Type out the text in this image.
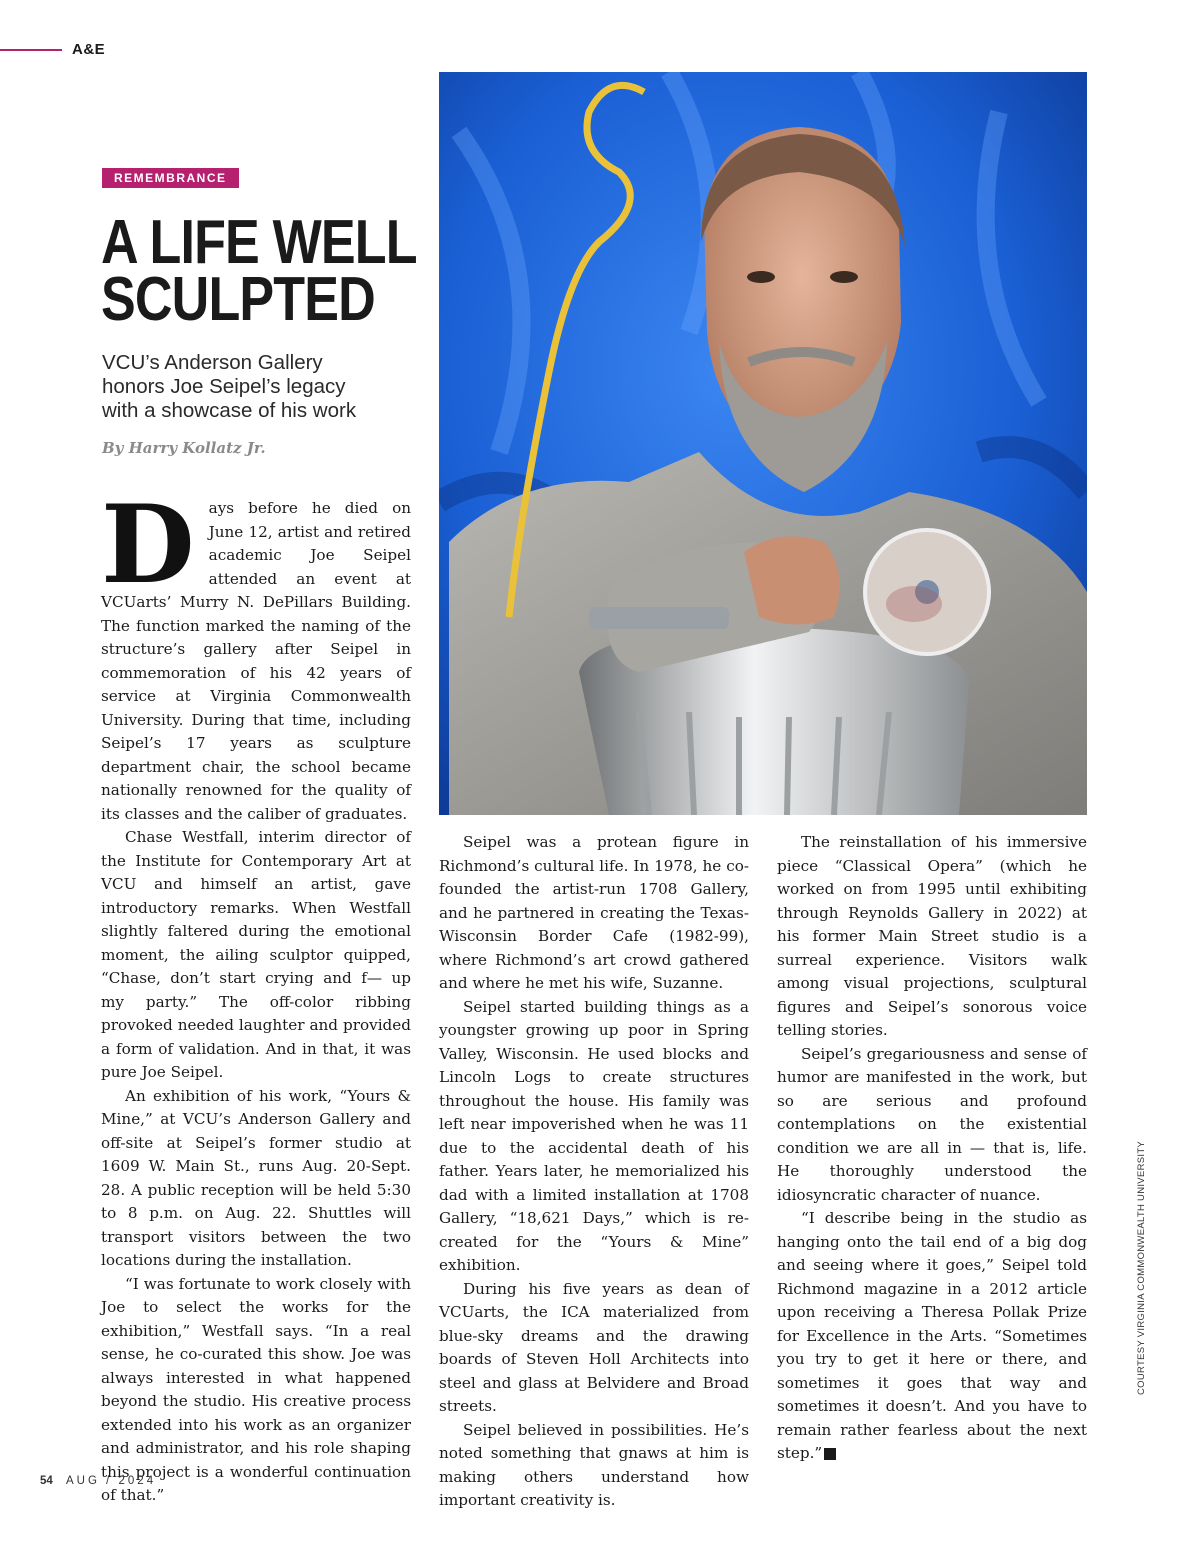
A&E
REMEMBRANCE
A LIFE WELL
SCULPTED

VCU’s Anderson Gallery
honors Joe Seipel’s legacy
with a showcase of his work

By Harry Kollatz Jr.

Days before he died on June 12, artist and retired academic Joe Seipel attended an event at VCUarts’ Murry N. DePillars Building. The function marked the naming of the structure’s gallery after Seipel in commemoration of his 42 years of service at Virginia Commonwealth University. During that time, including Seipel’s 17 years as sculpture department chair, the school became nationally renowned for the quality of its classes and the caliber of graduates.

Chase Westfall, interim director of the Institute for Contemporary Art at VCU and himself an artist, gave introductory remarks. When Westfall slightly faltered during the emotional moment, the ailing sculptor quipped, “Chase, don’t start crying and f— up my party.” The off-color ribbing provoked needed laughter and provided a form of validation. And in that, it was pure Joe Seipel.

An exhibition of his work, “Yours & Mine,” at VCU’s Anderson Gallery and off-site at Seipel’s former studio at 1609 W. Main St., runs Aug. 20-Sept. 28. A public reception will be held 5:30 to 8 p.m. on Aug. 22. Shuttles will transport visitors between the two locations during the installation.

“I was fortunate to work closely with Joe to select the works for the exhibition,” Westfall says. “In a real sense, he co-curated this show. Joe was always interested in what happened beyond the studio. His creative process extended into his work as an organizer and administrator, and his role shaping this project is a wonderful continuation of that.”

Seipel was a protean figure in Richmond’s cultural life. In 1978, he co-founded the artist-run 1708 Gallery, and he partnered in creating the Texas-Wisconsin Border Cafe (1982-99), where Richmond’s art crowd gathered and where he met his wife, Suzanne.

Seipel started building things as a youngster growing up poor in Spring Valley, Wisconsin. He used blocks and Lincoln Logs to create structures throughout the house. His family was left near impoverished when he was 11 due to the accidental death of his father. Years later, he memorialized his dad with a limited installation at 1708 Gallery, “18,621 Days,” which is re-created for the “Yours & Mine” exhibition.

During his five years as dean of VCUarts, the ICA materialized from blue-sky dreams and the drawing boards of Steven Holl Architects into steel and glass at Belvidere and Broad streets.

Seipel believed in possibilities. He’s noted something that gnaws at him is making others understand how important creativity is.

The reinstallation of his immersive piece “Classical Opera” (which he worked on from 1995 until exhibiting through Reynolds Gallery in 2022) at his former Main Street studio is a surreal experience. Visitors walk among visual projections, sculptural figures and Seipel’s sonorous voice telling stories.

Seipel’s gregariousness and sense of humor are manifested in the work, but so are serious and profound contemplations on the existential condition we are all in — that is, life. He thoroughly understood the idiosyncratic character of nuance.

“I describe being in the studio as hanging onto the tail end of a big dog and seeing where it goes,” Seipel told Richmond magazine in a 2012 article upon receiving a Theresa Pollak Prize for Excellence in the Arts. “Sometimes you try to get it here or there, and sometimes it goes that way and sometimes it doesn’t. And you have to remain rather fearless about the next step.”	R

COURTESY VIRGINIA COMMONWEALTH UNIVERSITY
54 AUG / 2024
